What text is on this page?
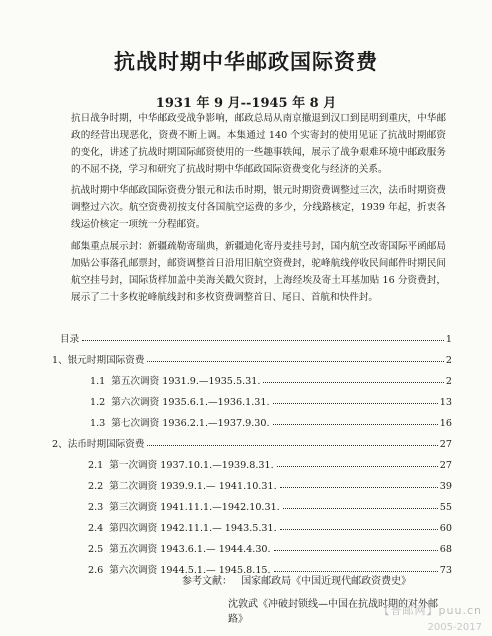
抗战时期中华邮政国际资费
1931 年 9 月--1945 年 8 月
抗日战争时期，中华邮政受战争影响，邮政总局从南京撤退到汉口到昆明到重庆，中华邮政的经营出现恶化，资费不断上调。本集通过 140 个实寄封的使用见证了抗战时期邮资的变化，讲述了抗战时期国际邮资使用的一些趣事轶闻，展示了战争艰难环境中邮政服务的不屈不挠，学习和研究了抗战时期中华邮政国际资费变化与经济的关系。
抗战时期中华邮政国际资费分银元和法币时期，银元时期资费调整过三次，法币时期资费调整过六次。航空资费初按支付各国航空运费的多少，分线路核定，1939 年起，折衷各线运价核定一项统一分程邮资。
邮集重点展示封：新疆疏勒寄瑞典，新疆迪化寄丹麦挂号封，国内航空改寄国际平函邮局加贴公事落孔邮票封，邮资调整首日沿用旧航空资费封，驼峰航线停收民间邮件时期民间航空挂号封，国际货样加盖中美海关戳欠资封，上海经埃及寄土耳基加贴 16 分资费封，展示了二十多枚驼峰航线封和多枚资费调整首日、尾日、首航和快件封。
目录	1
1、 银元时期国际资费	2
1.1 第五次调资 1931.9.—1935.5.31.	2
1.2 第六次调资 1935.6.1.—1936.1.31.	13
1.3 第七次调资 1936.2.1.—1937.9.30.	16
2、 法币时期国际资费	27
2.1 第一次调资 1937.10.1.—1939.8.31.	27
2.2 第二次调资 1939.9.1.— 1941.10.31.	39
2.3 第三次调资 1941.11.1.—1942.10.31.	55
2.4 第四次调资 1942.11.1.— 1943.5.31.	60
2.5 第五次调资 1943.6.1.— 1944.4.30.	68
2.6 第六次调资 1944.5.1.— 1945.8.15.	73
参考文献： 国家邮政局《中国近现代邮政资费史》
沈敦武《冲破封锁线—中国在抗战时期的对外邮路》
【普邮网】puu.cn
2005-2017
